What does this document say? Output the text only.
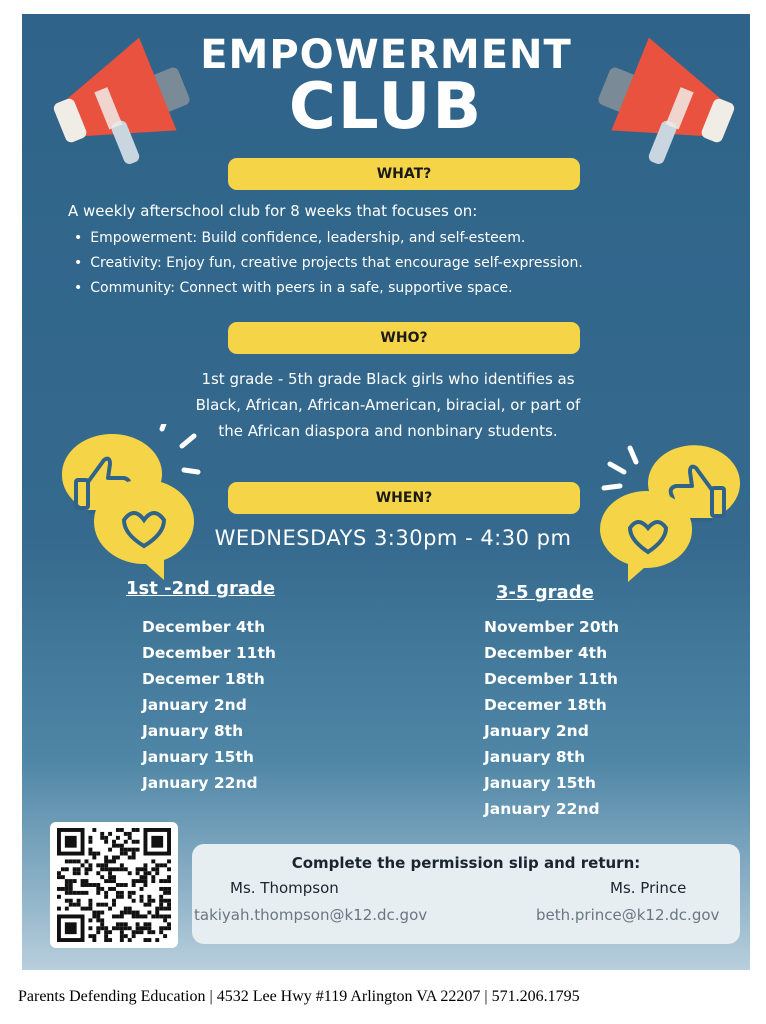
EMPOWERMENT
CLUB
WHAT?
A weekly afterschool club for 8 weeks that focuses on:
• Empowerment: Build confidence, leadership, and self-esteem.
• Creativity: Enjoy fun, creative projects that encourage self-expression.
• Community: Connect with peers in a safe, supportive space.
WHO?
1st grade - 5th grade Black girls who identifies as
Black, African, African-American, biracial, or part of
the African diaspora and nonbinary students.
WHEN?
WEDNESDAYS 3:30pm - 4:30 pm
1st -2nd grade
December 4th
December 11th
Decemer 18th
January 2nd
January 8th
January 15th
January 22nd
3-5 grade
November 20th
December 4th
December 11th
Decemer 18th
January 2nd
January 8th
January 15th
January 22nd
Complete the permission slip and return:
Ms. Thompson
takiyah.thompson@k12.dc.gov
Ms. Prince
beth.prince@k12.dc.gov
Parents Defending Education | 4532 Lee Hwy #119 Arlington VA 22207 | 571.206.1795
